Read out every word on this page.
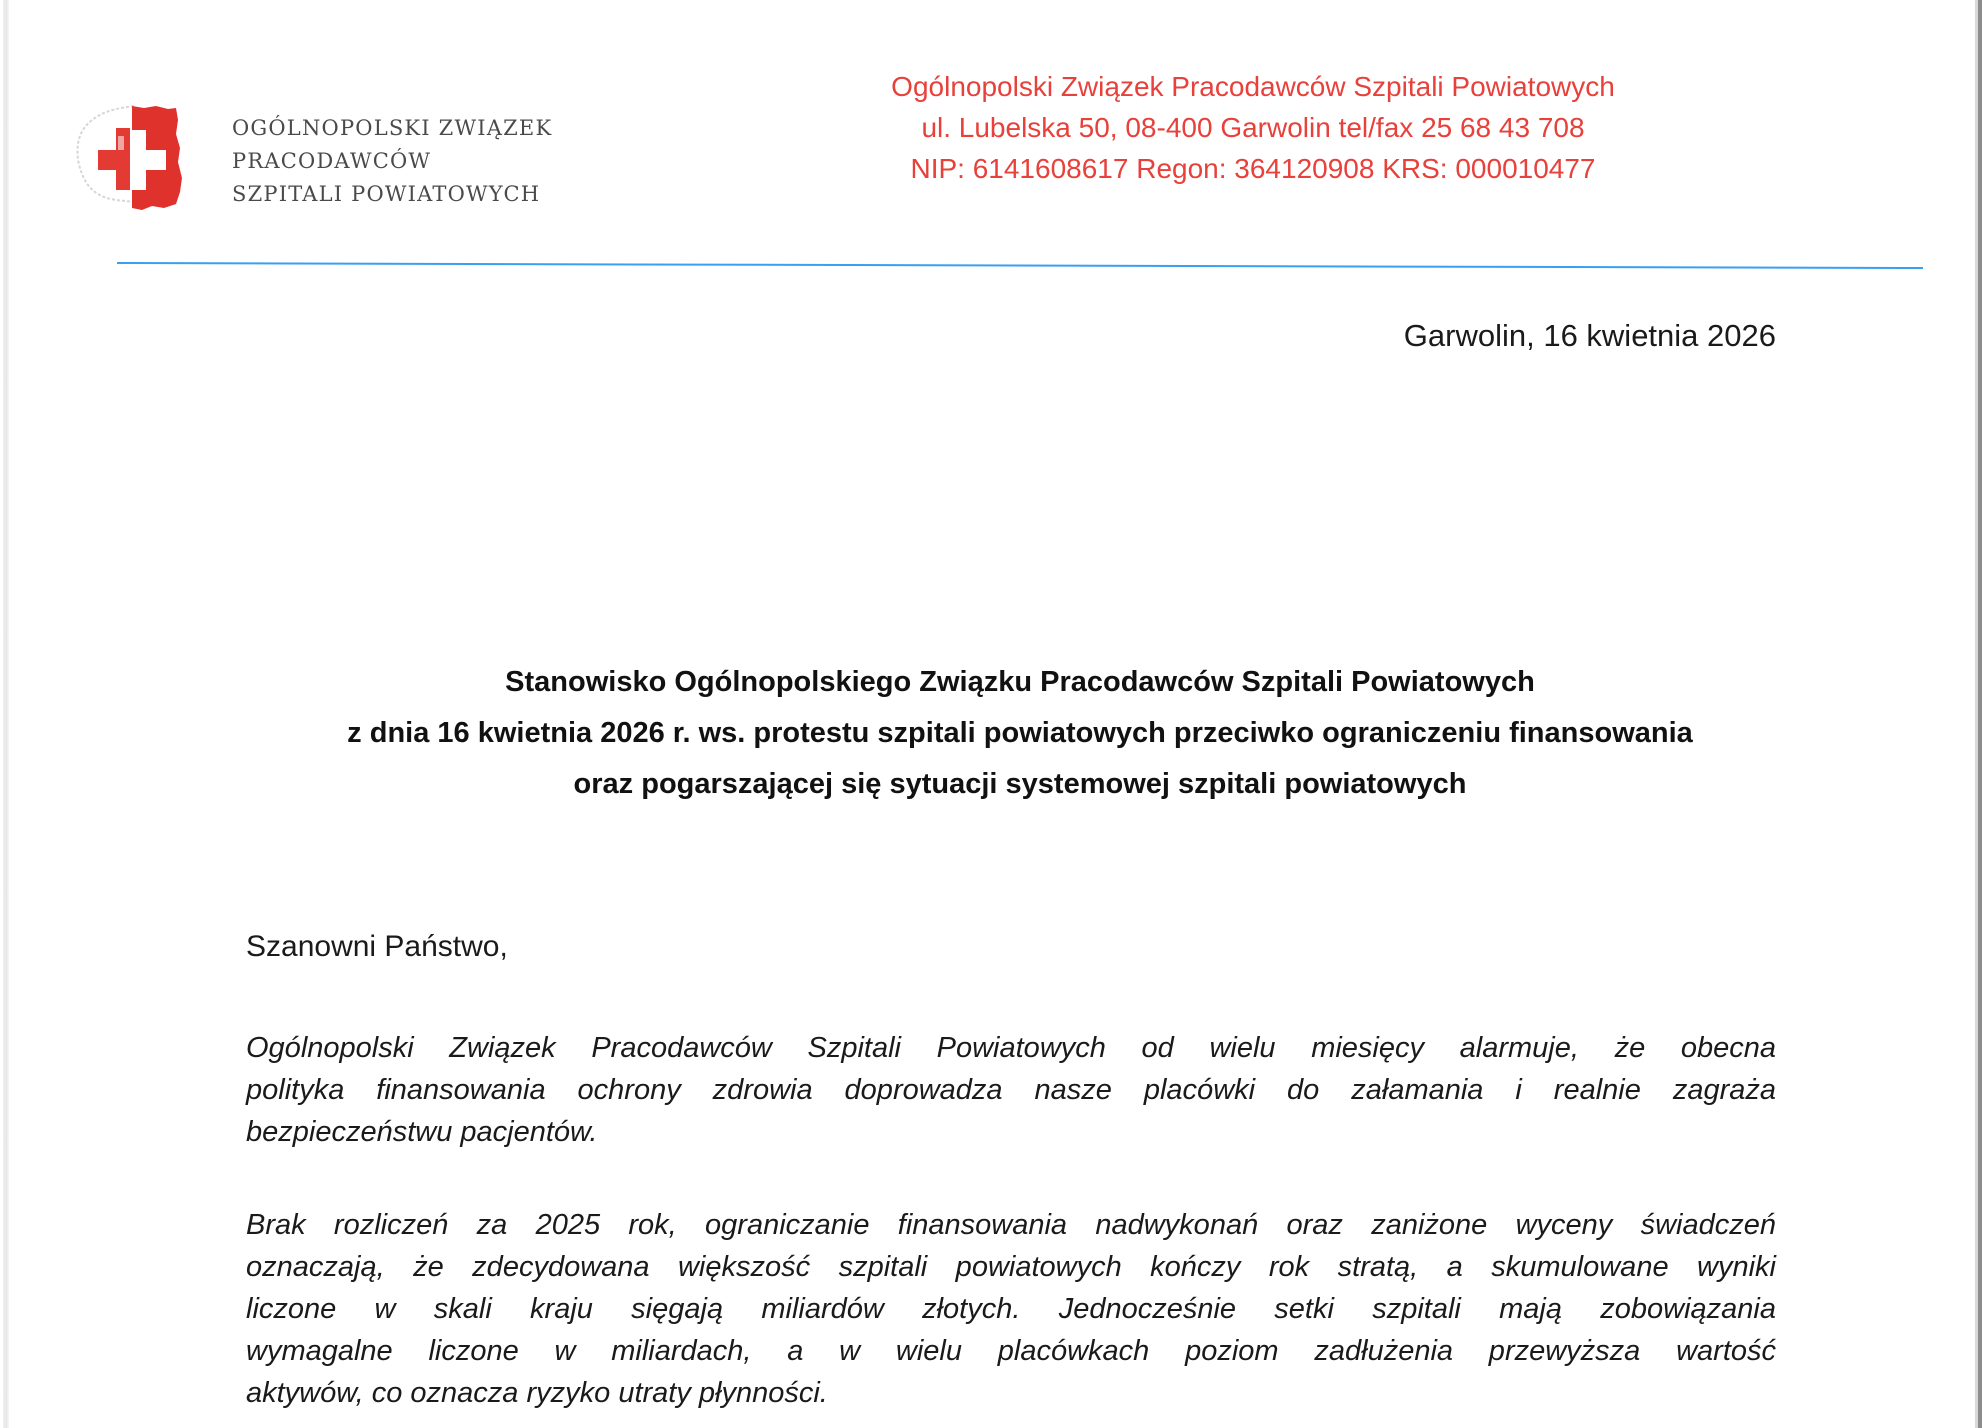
OGÓLNOPOLSKI ZWIĄZEK
PRACODAWCÓW
SZPITALI POWIATOWYCH
Ogólnopolski Związek Pracodawców Szpitali Powiatowych
ul. Lubelska 50, 08-400 Garwolin tel/fax 25 68 43 708
NIP: 6141608617 Regon: 364120908 KRS: 000010477
Garwolin, 16 kwietnia 2026
Stanowisko Ogólnopolskiego Związku Pracodawców Szpitali Powiatowych
z dnia 16 kwietnia 2026 r. ws. protestu szpitali powiatowych przeciwko ograniczeniu finansowania
oraz pogarszającej się sytuacji systemowej szpitali powiatowych
Szanowni Państwo,
Ogólnopolski Związek Pracodawców Szpitali Powiatowych od wielu miesięcy alarmuje, że obecna
polityka finansowania ochrony zdrowia doprowadza nasze placówki do załamania i realnie zagraża
bezpieczeństwu pacjentów.
Brak rozliczeń za 2025 rok, ograniczanie finansowania nadwykonań oraz zaniżone wyceny świadczeń
oznaczają, że zdecydowana większość szpitali powiatowych kończy rok stratą, a skumulowane wyniki
liczone w skali kraju sięgają miliardów złotych. Jednocześnie setki szpitali mają zobowiązania
wymagalne liczone w miliardach, a w wielu placówkach poziom zadłużenia przewyższa wartość
aktywów, co oznacza ryzyko utraty płynności.
